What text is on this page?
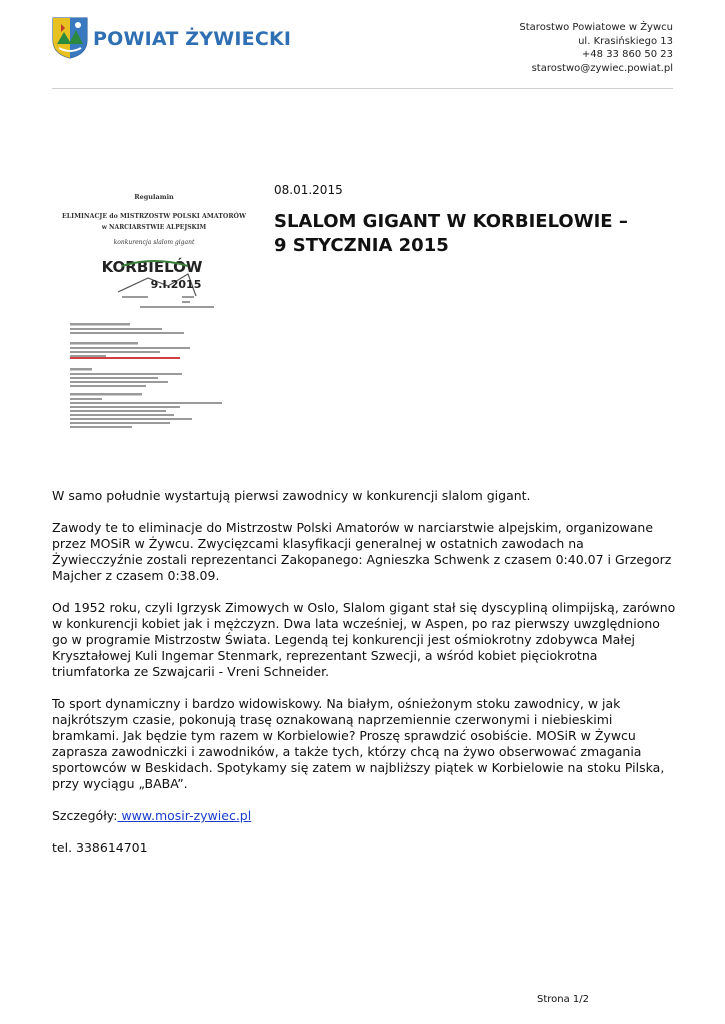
POWIAT ŻYWIECKI
Starostwo Powiatowe w Żywcu
ul. Krasińskiego 13
+48 33 860 50 23
starostwo@zywiec.powiat.pl
Regulamin
ELIMINACJE do MISTRZOSTW POLSKI AMATORÓW
w NARCIARSTWIE ALPEJSKIM
konkurencja slalom gigant
KORBIELÓW
9.I.2015
08.01.2015
SLALOM GIGANT W KORBIELOWIE – 9 STYCZNIA 2015

W samo południe wystartują pierwsi zawodnicy w konkurencji slalom gigant.

Zawody te to eliminacje do Mistrzostw Polski Amatorów w narciarstwie alpejskim, organizowane przez MOSiR w Żywcu. Zwycięzcami klasyfikacji generalnej w ostatnich zawodach na Żywiecczyźnie zostali reprezentanci Zakopanego: Agnieszka Schwenk z czasem 0:40.07 i Grzegorz Majcher z czasem 0:38.09.

Od 1952 roku, czyli Igrzysk Zimowych w Oslo, Slalom gigant stał się dyscypliną olimpijską, zarówno w konkurencji kobiet jak i mężczyzn. Dwa lata wcześniej, w Aspen, po raz pierwszy uwzględniono go w programie Mistrzostw Świata. Legendą tej konkurencji jest ośmiokrotny zdobywca Małej Kryształowej Kuli Ingemar Stenmark, reprezentant Szwecji, a wśród kobiet pięciokrotna triumfatorka ze Szwajcarii - Vreni Schneider.

To sport dynamiczny i bardzo widowiskowy. Na białym, ośnieżonym stoku zawodnicy, w jak najkrótszym czasie, pokonują trasę oznakowaną naprzemiennie czerwonymi i niebieskimi bramkami. Jak będzie tym razem w Korbielowie? Proszę sprawdzić osobiście. MOSiR w Żywcu zaprasza zawodniczki i zawodników, a także tych, którzy chcą na żywo obserwować zmagania sportowców w Beskidach. Spotykamy się zatem w najbliższy piątek w Korbielowie na stoku Pilska, przy wyciągu „BABA”.

Szczegóły: www.mosir-zywiec.pl

tel. 338614701

Strona 1/2
